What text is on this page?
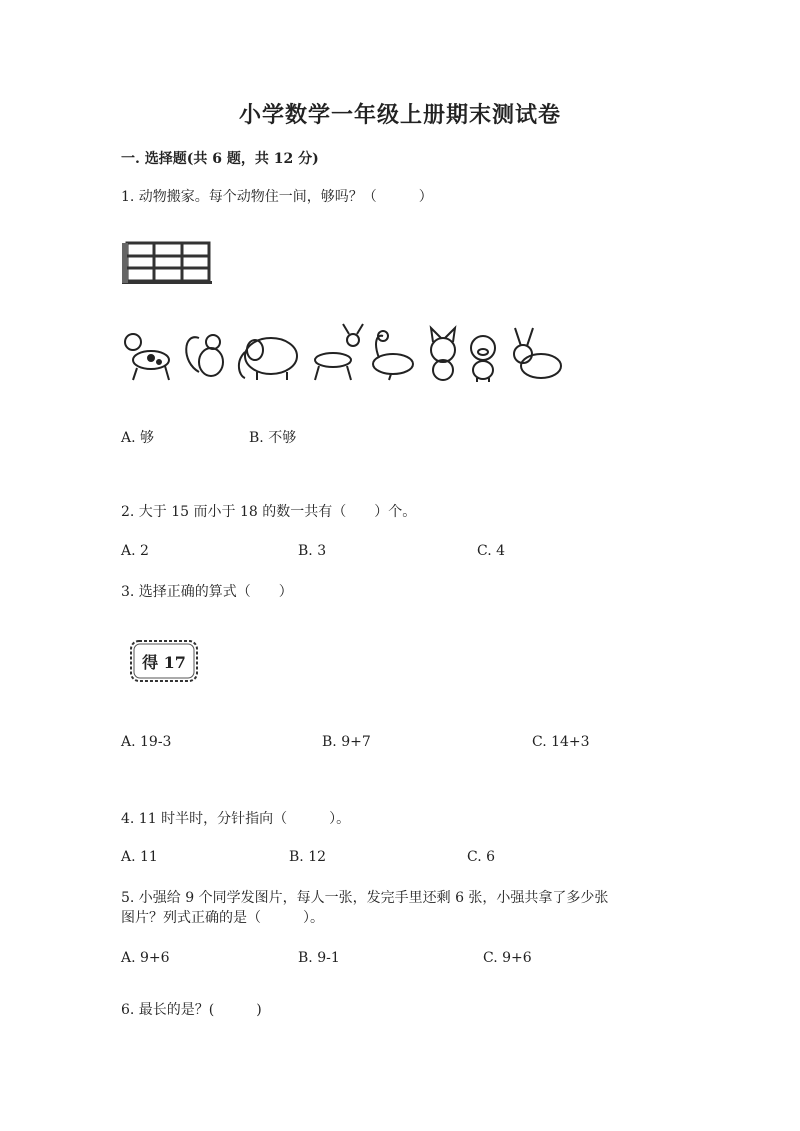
小学数学一年级上册期末测试卷
一. 选择题(共 6 题，共 12 分)
1. 动物搬家。每个动物住一间，够吗？（　　　）
A. 够	B. 不够
2. 大于 15 而小于 18 的数一共有（　　）个。
A. 2	B. 3	C. 4
3. 选择正确的算式（　　）
得 17
A. 19-3	B. 9+7	C. 14+3
4. 11 时半时，分针指向（　　　）。
A. 11	B. 12	C. 6
5. 小强给 9 个同学发图片，每人一张，发完手里还剩 6 张，小强共拿了多少张
图片？列式正确的是（　　　）。
A. 9+6	B. 9-1	C. 9+6
6. 最长的是？(　　　)
